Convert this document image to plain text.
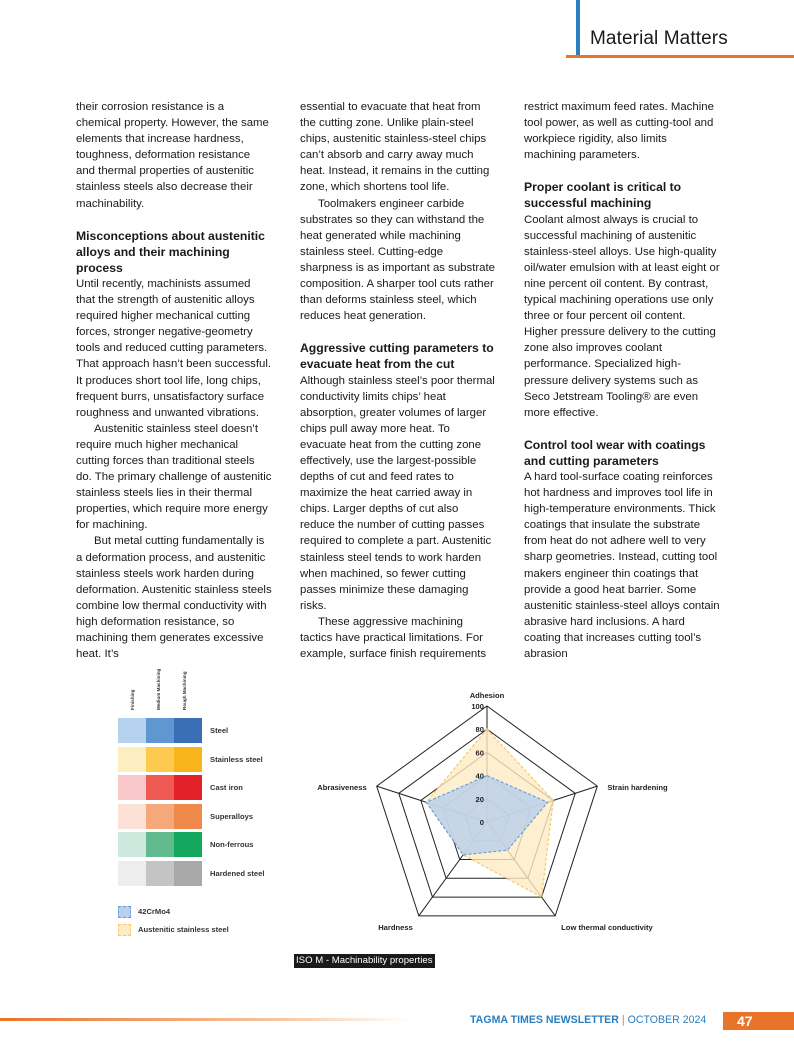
Material Matters

their corrosion resistance is a chemical property. However, the same elements that increase hardness, toughness, deformation resistance and thermal properties of austenitic stainless steels also decrease their machinability.

Misconceptions about austenitic alloys and their machining process

Until recently, machinists assumed that the strength of austenitic alloys required higher mechanical cutting forces, stronger negative-geometry tools and reduced cutting parameters. That approach hasn’t been successful. It produces short tool life, long chips, frequent burrs, unsatisfactory surface roughness and unwanted vibrations.

Austenitic stainless steel doesn’t require much higher mechanical cutting forces than traditional steels do. The primary challenge of austenitic stainless steels lies in their thermal properties, which require more energy for machining.

But metal cutting fundamentally is a deformation process, and austenitic stainless steels work harden during deformation. Austenitic stainless steels combine low thermal conductivity with high deformation resistance, so machining them generates excessive heat. It’s

essential to evacuate that heat from the cutting zone. Unlike plain-steel chips, austenitic stainless-steel chips can’t absorb and carry away much heat. Instead, it remains in the cutting zone, which shortens tool life.

Toolmakers engineer carbide substrates so they can withstand the heat generated while machining stainless steel. Cutting-edge sharpness is as important as substrate composition. A sharper tool cuts rather than deforms stainless steel, which reduces heat generation.

Aggressive cutting parameters to evacuate heat from the cut

Although stainless steel’s poor thermal conductivity limits chips’ heat absorption, greater volumes of larger chips pull away more heat. To evacuate heat from the cutting zone effectively, use the largest-possible depths of cut and feed rates to maximize the heat carried away in chips. Larger depths of cut also reduce the number of cutting passes required to complete a part. Austenitic stainless steel tends to work harden when machined, so fewer cutting passes minimize these damaging risks.

These aggressive machining tactics have practical limitations. For example, surface finish requirements

restrict maximum feed rates. Machine tool power, as well as cutting-tool and workpiece rigidity, also limits machining parameters.

Proper coolant is critical to successful machining

Coolant almost always is crucial to successful machining of austenitic stainless-steel alloys. Use high-quality oil/water emulsion with at least eight or nine percent oil content. By contrast, typical machining operations use only three or four percent oil content. Higher pressure delivery to the cutting zone also improves coolant performance. Specialized high-pressure delivery systems such as Seco Jetstream Tooling® are even more effective.

Control tool wear with coatings and cutting parameters

A hard tool-surface coating reinforces hot hardness and improves tool life in high-temperature environments. Thick coatings that insulate the substrate from heat do not adhere well to very sharp geometries. Instead, cutting tool makers engineer thin coatings that provide a good heat barrier. Some austenitic stainless-steel alloys contain abrasive hard inclusions. A hard coating that increases cutting tool’s abrasion

Finishing	Medium Machining	Rough Machining
Steel
Stainless steel
Cast iron
Superalloys
Non-ferrous
Hardened steel
42CrMo4
Austenitic stainless steel
0
20
40
60
80
100
Adhesion
Strain hardening
Low thermal conductivity
Hardness
Abrasiveness
ISO M - Machinability properties
TAGMA TIMES NEWSLETTER | OCTOBER 2024 47
